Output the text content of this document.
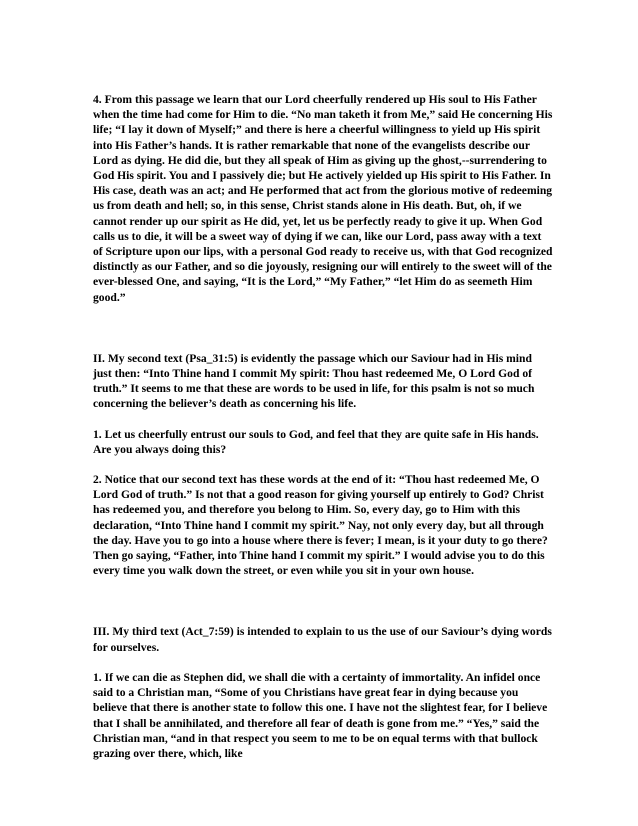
4. From this passage we learn that our Lord cheerfully rendered up His soul to His Father when the time had come for Him to die. “No man taketh it from Me,” said He concerning His life; “I lay it down of Myself;” and there is here a cheerful willingness to yield up His spirit into His Father’s hands. It is rather remarkable that none of the evangelists describe our Lord as dying. He did die, but they all speak of Him as giving up the ghost,--surrendering to God His spirit. You and I passively die; but He actively yielded up His spirit to His Father. In His case, death was an act; and He performed that act from the glorious motive of redeeming us from death and hell; so, in this sense, Christ stands alone in His death. But, oh, if we cannot render up our spirit as He did, yet, let us be perfectly ready to give it up. When God calls us to die, it will be a sweet way of dying if we can, like our Lord, pass away with a text of Scripture upon our lips, with a personal God ready to receive us, with that God recognized distinctly as our Father, and so die joyously, resigning our will entirely to the sweet will of the ever-blessed One, and saying, “It is the Lord,” “My Father,” “let Him do as seemeth Him good.”

II. My second text (Psa_31:5) is evidently the passage which our Saviour had in His mind just then: “Into Thine hand I commit My spirit: Thou hast redeemed Me, O Lord God of truth.” It seems to me that these are words to be used in life, for this psalm is not so much concerning the believer’s death as concerning his life.

1. Let us cheerfully entrust our souls to God, and feel that they are quite safe in His hands. Are you always doing this?

2. Notice that our second text has these words at the end of it: “Thou hast redeemed Me, O Lord God of truth.” Is not that a good reason for giving yourself up entirely to God? Christ has redeemed you, and therefore you belong to Him. So, every day, go to Him with this declaration, “Into Thine hand I commit my spirit.” Nay, not only every day, but all through the day. Have you to go into a house where there is fever; I mean, is it your duty to go there? Then go saying, “Father, into Thine hand I commit my spirit.” I would advise you to do this every time you walk down the street, or even while you sit in your own house.

III. My third text (Act_7:59) is intended to explain to us the use of our Saviour’s dying words for ourselves.

1. If we can die as Stephen did, we shall die with a certainty of immortality. An infidel once said to a Christian man, “Some of you Christians have great fear in dying because you believe that there is another state to follow this one. I have not the slightest fear, for I believe that I shall be annihilated, and therefore all fear of death is gone from me.” “Yes,” said the Christian man, “and in that respect you seem to me to be on equal terms with that bullock grazing over there, which, like
